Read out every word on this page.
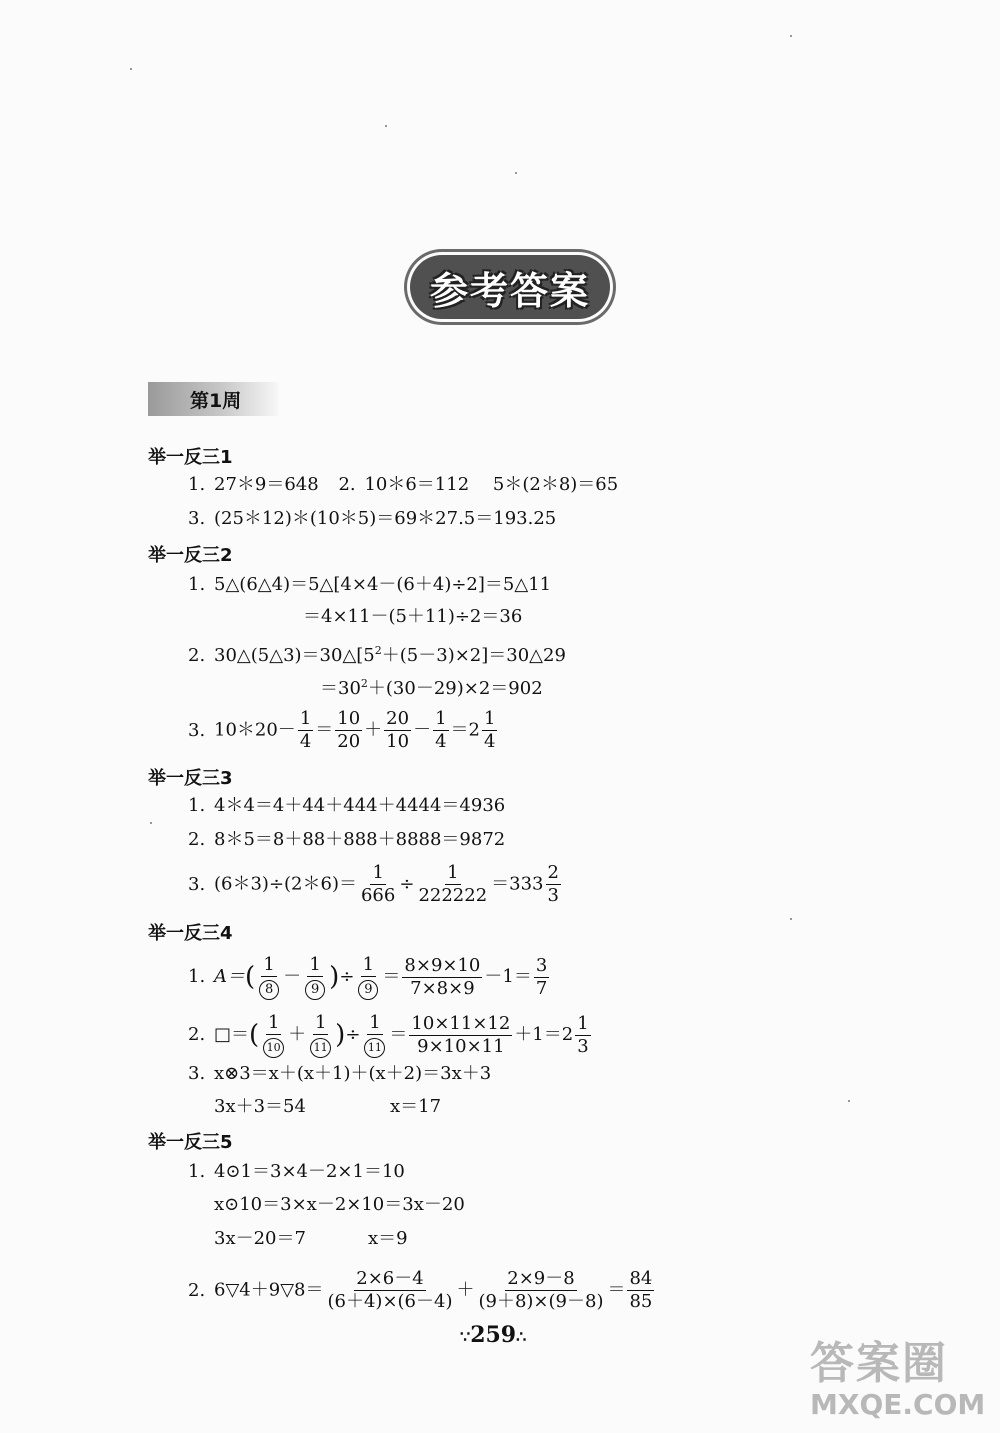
参考答案
第1周
举一反三1
1. 27＊9＝648 2. 10＊6＝112 5＊(2＊8)＝65
3. (25＊12)＊(10＊5)＝69＊27.5＝193.25
举一反三2
1. 5△(6△4)＝5△[4×4－(6＋4)÷2]＝5△11
＝4×11－(5＋11)÷2＝36
2. $30\triangle(5\triangle 3)=30\triangle[5^2+(5-3)\times 2]=30\triangle 29$
$=30^2+(30-29)\times 2=902$
3. 10＊20－ $\frac{1}{4} = \frac{10}{20} + \frac{20}{10} - \frac{1}{4} =2 \frac{1}{4}$
举一反三3
1. 4＊4＝4＋44＋444＋4444＝4936
2. 8＊5＝8＋88＋888＋8888＝9872
3. (6＊3)÷(2＊6)＝ $\frac{1}{666} \div \frac{1}{222222} =333 \frac{2}{3}$
举一反三4
1. $A=( \frac{1}{8} - \frac{1}{9}$ )÷ $\frac{1}{9} = \frac{8\times 9\times 10}{7\times 8\times 9} -1= \frac{3}{7}$
2. □＝( $\frac{1}{10} + \frac{1}{11}$ )÷ $\frac{1}{11} = \frac{10\times 11\times 12}{9\times 10\times 11} +1=2 \frac{1}{3}$
3. x⊗3＝x＋(x＋1)＋(x＋2)＝3x＋3
3x＋3＝54	x＝17
举一反三5
1. 4⊙1＝3×4－2×1＝10
x⊙10＝3×x－2×10＝3x－20
3x－20＝7	x＝9
2. 6▽4＋9▽8＝ $\frac{2\times 6-4}{(6+4)\times(6-4)} + \frac{2\times 9-8}{(9+8)\times(9-8)} = \frac{84}{85}$
∵259∴
答案圈
MXQE.COM
